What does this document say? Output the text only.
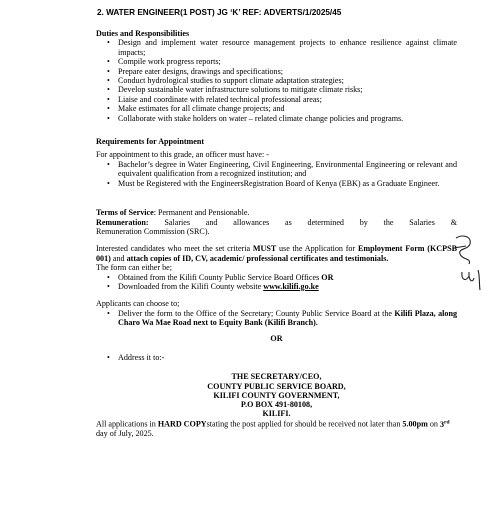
2. WATER ENGINEER(1 POST) JG ‘K’ REF: ADVERTS/1/2025/45

Duties and Responsibilities

• Design and implement water resource management projects to enhance resilience against climate impacts;
• Compile work progress reports;
• Prepare eater designs, drawings and specifications;
• Conduct hydrological studies to support climate adaptation strategies;
• Develop sustainable water infrastructure solutions to mitigate climate risks;
• Liaise and coordinate with related technical professional areas;
• Make estimates for all climate change projects; and
• Collaborate with stake holders on water – related climate change policies and programs.

Requirements for Appointment

For appointment to this grade, an officer must have: -

• Bachelor’s degree in Water Engineering, Civil Engineering, Environmental Engineering or relevant and equivalent qualification from a recognized institution; and
• Must be Registered with the EngineersRegistration Board of Kenya (EBK) as a Graduate Engineer.

Terms of Service: Permanent and Pensionable.

Remuneration: Salaries and allowances as determined by the Salaries &

Remuneration Commission (SRC).

Interested candidates who meet the set criteria MUST use the Application for Employment Form (KCPSB 001) and attach copies of ID, CV, academic/ professional certificates and testimonials.

The form can either be;

• Obtained from the Kilifi County Public Service Board Offices OR
• Downloaded from the Kilifi County website www.kilifi.go.ke

Applicants can choose to;

• Deliver the form to the Office of the Secretary; County Public Service Board at the Kilifi Plaza, along Charo Wa Mae Road next to Equity Bank (Kilifi Branch).

OR

• Address it to:-

THE SECRETARY/CEO,

COUNTY PUBLIC SERVICE BOARD,

KILIFI COUNTY GOVERNMENT,

P.O BOX 491-80108,

KILIFI.

All applications in HARD COPYstating the post applied for should be received not later than 5.00pm on 3rd day of July, 2025.
